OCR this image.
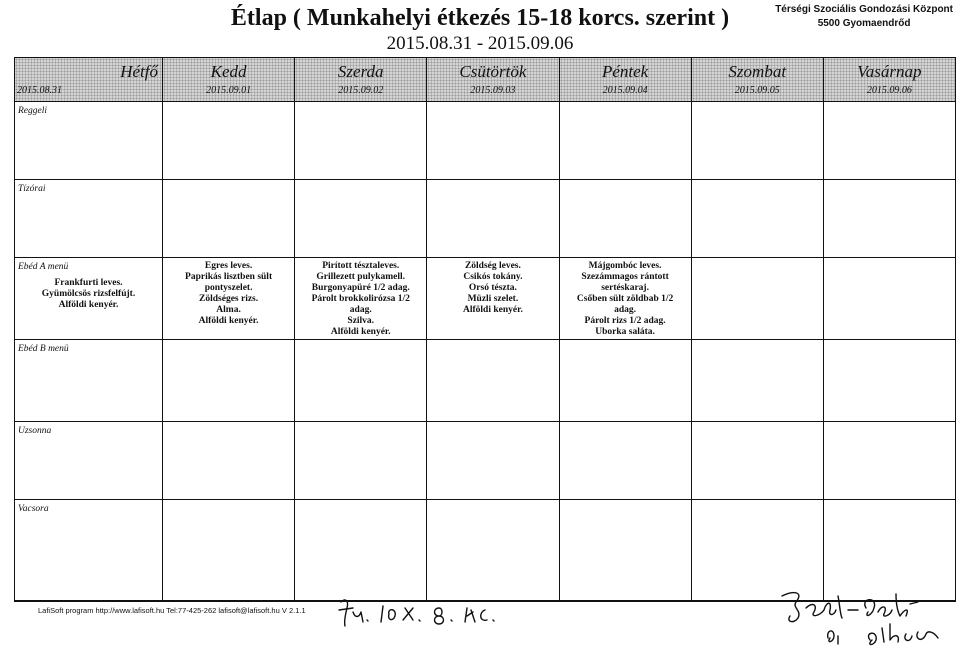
Étlap ( Munkahelyi étkezés 15-18 korcs. szerint )
2015.08.31 - 2015.09.06
Térségi Szociális Gondozási Központ
5500 Gyomaendrőd
Hétfő
2015.08.31
Kedd
2015.09.01
Szerda
2015.09.02
Csütörtök
2015.09.03
Péntek
2015.09.04
Szombat
2015.09.05
Vasárnap
2015.09.06
Reggeli
Tízórai
Ebéd A menü
Frankfurti leves.
Gyümölcsös rizsfelfújt.
Alföldi kenyér.
Egres leves.
Paprikás lisztben sült
pontyszelet.
Zöldséges rizs.
Alma.
Alföldi kenyér.
Pirított tésztaleves.
Grillezett pulykamell.
Burgonyapüré 1/2 adag.
Párolt brokkolirózsa 1/2
adag.
Szilva.
Alföldi kenyér.
Zöldség leves.
Csikós tokány.
Orsó tészta.
Müzli szelet.
Alföldi kenyér.
Májgombóc leves.
Szezámmagos rántott
sertéskaraj.
Csőben sült zöldbab 1/2
adag.
Párolt rizs 1/2 adag.
Uborka saláta.
Ebéd B menü
Uzsonna
Vacsora
LafiSoft program http://www.lafisoft.hu Tel:77-425-262 lafisoft@lafisoft.hu V 2.1.1
